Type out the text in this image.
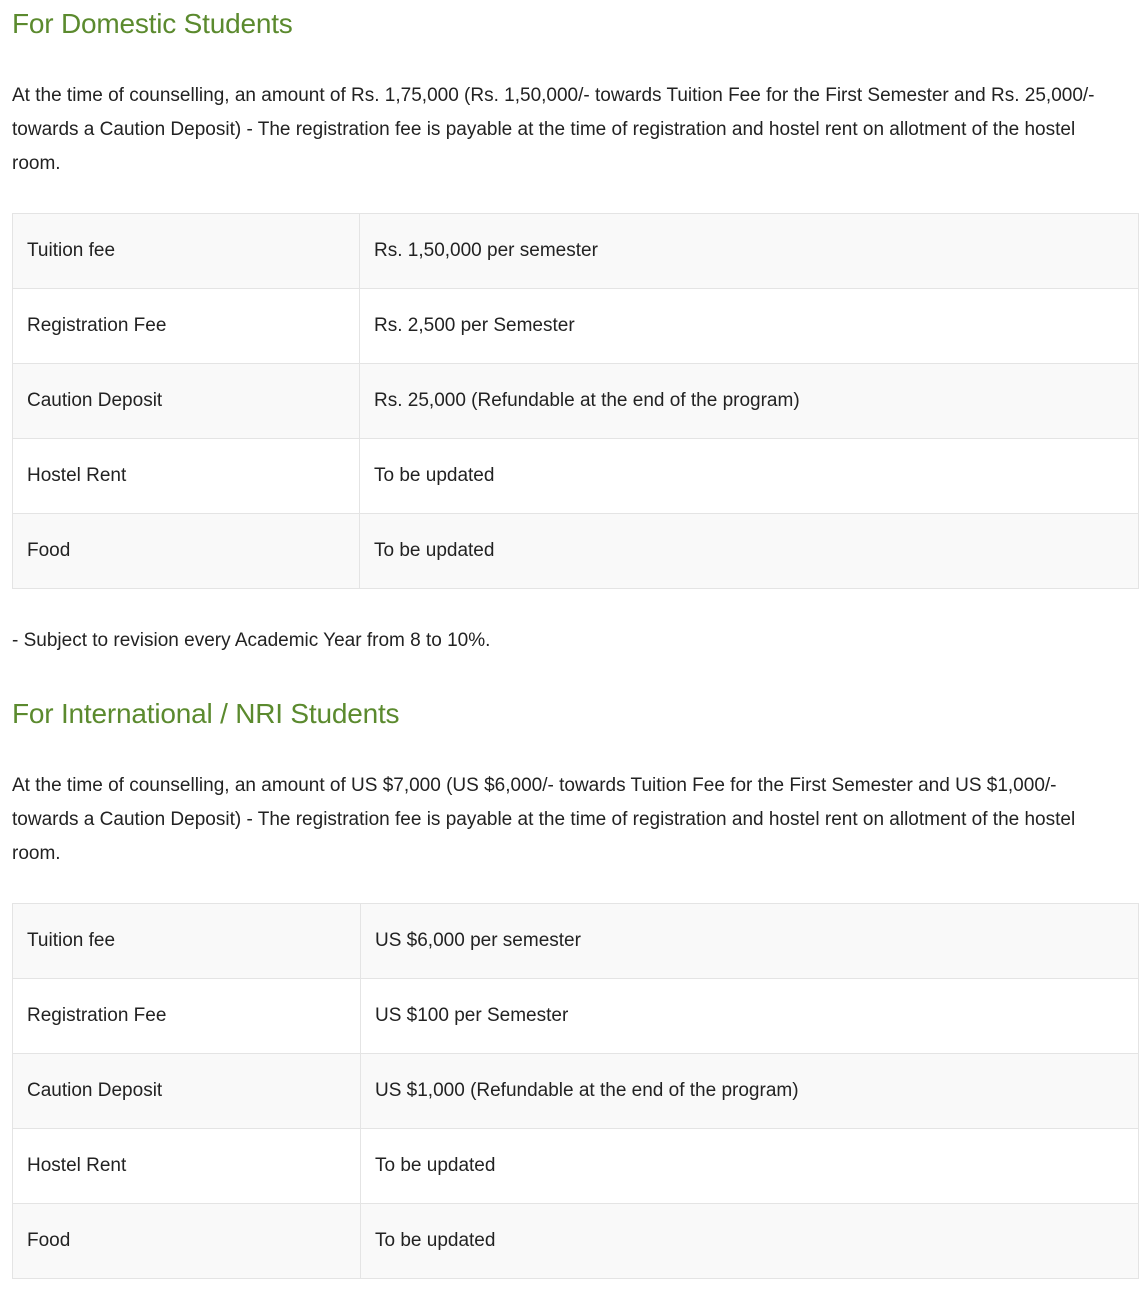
For Domestic Students

At the time of counselling, an amount of Rs. 1,75,000 (Rs. 1,50,000/- towards Tuition Fee for the First Semester and Rs. 25,000/- towards a Caution Deposit) - The registration fee is payable at the time of registration and hostel rent on allotment of the hostel room.

Tuition fee	Rs. 1,50,000 per semester
Registration Fee	Rs. 2,500 per Semester
Caution Deposit	Rs. 25,000 (Refundable at the end of the program)
Hostel Rent	To be updated
Food	To be updated

- Subject to revision every Academic Year from 8 to 10%.

For International / NRI Students

At the time of counselling, an amount of US $7,000 (US $6,000/- towards Tuition Fee for the First Semester and US $1,000/- towards a Caution Deposit) - The registration fee is payable at the time of registration and hostel rent on allotment of the hostel room.

Tuition fee	US $6,000 per semester
Registration Fee	US $100 per Semester
Caution Deposit	US $1,000 (Refundable at the end of the program)
Hostel Rent	To be updated
Food	To be updated
